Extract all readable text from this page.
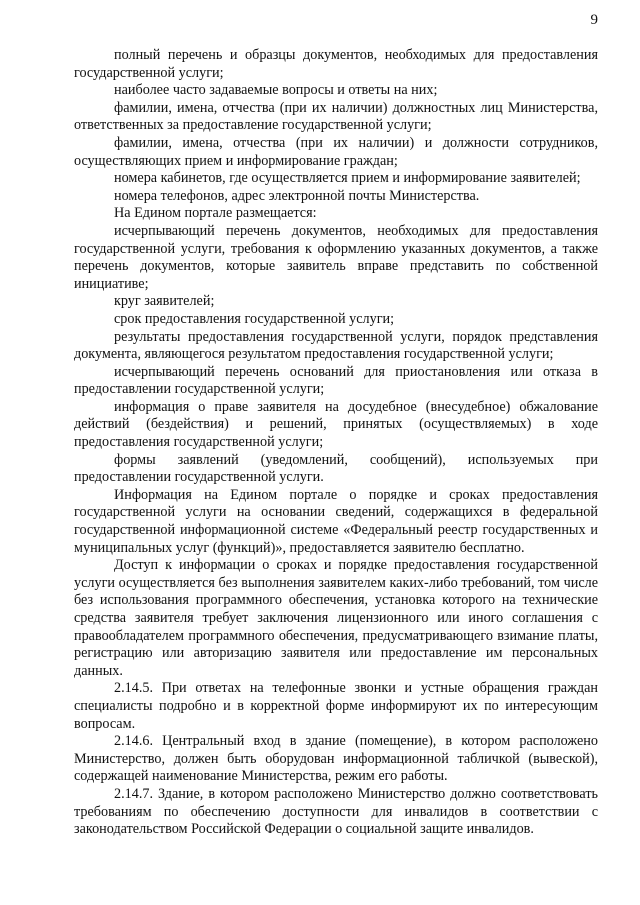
9

полный перечень и образцы документов, необходимых для предоставления государственной услуги;

наиболее часто задаваемые вопросы и ответы на них;

фамилии, имена, отчества (при их наличии) должностных лиц Министерства, ответственных за предоставление государственной услуги;

фамилии, имена, отчества (при их наличии) и должности сотрудников, осуществляющих прием и информирование граждан;

номера кабинетов, где осуществляется прием и информирование заявителей;

номера телефонов, адрес электронной почты Министерства.

На Едином портале размещается:

исчерпывающий перечень документов, необходимых для предоставления государственной услуги, требования к оформлению указанных документов, а также перечень документов, которые заявитель вправе представить по собственной инициативе;

круг заявителей;

срок предоставления государственной услуги;

результаты предоставления государственной услуги, порядок представления документа, являющегося результатом предоставления государственной услуги;

исчерпывающий перечень оснований для приостановления или отказа в предоставлении государственной услуги;

информация о праве заявителя на досудебное (внесудебное) обжалование действий (бездействия) и решений, принятых (осуществляемых) в ходе предоставления государственной услуги;

формы заявлений (уведомлений, сообщений), используемых при предоставлении государственной услуги.

Информация на Едином портале о порядке и сроках предоставления государственной услуги на основании сведений, содержащихся в федеральной государственной информационной системе «Федеральный реестр государственных и муниципальных услуг (функций)», предоставляется заявителю бесплатно.

Доступ к информации о сроках и порядке предоставления государственной услуги осуществляется без выполнения заявителем каких-либо требований, том числе без использования программного обеспечения, установка которого на технические средства заявителя требует заключения лицензионного или иного соглашения с правообладателем программного обеспечения, предусматривающего взимание платы, регистрацию или авторизацию заявителя или предоставление им персональных данных.

2.14.5. При ответах на телефонные звонки и устные обращения граждан специалисты подробно и в корректной форме информируют их по интересующим вопросам.

2.14.6. Центральный вход в здание (помещение), в котором расположено Министерство, должен быть оборудован информационной табличкой (вывеской), содержащей наименование Министерства, режим его работы.

2.14.7. Здание, в котором расположено Министерство должно соответствовать требованиям по обеспечению доступности для инвалидов в соответствии с законодательством Российской Федерации о социальной защите инвалидов.
